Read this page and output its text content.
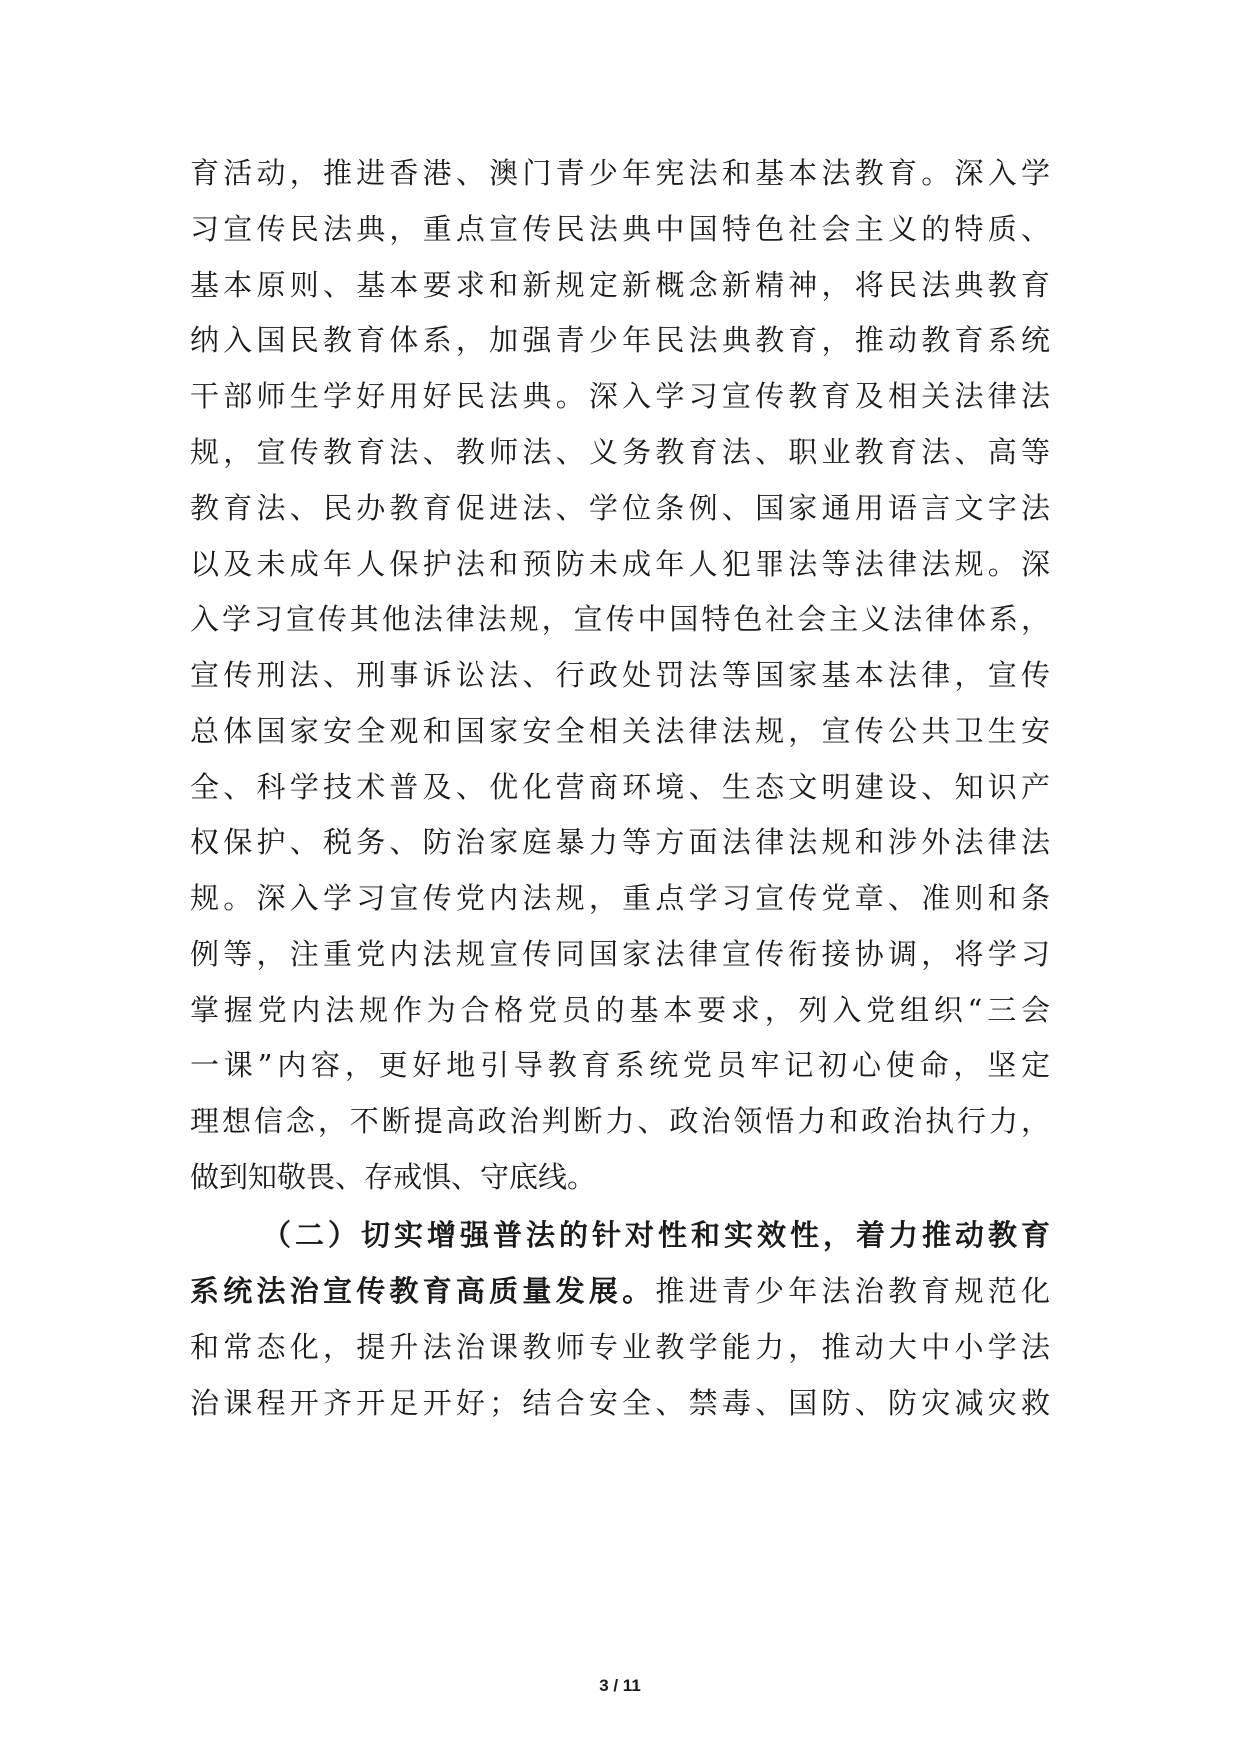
育活动，推进香港、澳门青少年宪法和基本法教育。深入学
习宣传民法典，重点宣传民法典中国特色社会主义的特质、
基本原则、基本要求和新规定新概念新精神，将民法典教育
纳入国民教育体系，加强青少年民法典教育，推动教育系统
干部师生学好用好民法典。深入学习宣传教育及相关法律法
规，宣传教育法、教师法、义务教育法、职业教育法、高等
教育法、民办教育促进法、学位条例、国家通用语言文字法
以及未成年人保护法和预防未成年人犯罪法等法律法规。深
入学习宣传其他法律法规，宣传中国特色社会主义法律体系，
宣传刑法、刑事诉讼法、行政处罚法等国家基本法律，宣传
总体国家安全观和国家安全相关法律法规，宣传公共卫生安
全、科学技术普及、优化营商环境、生态文明建设、知识产
权保护、税务、防治家庭暴力等方面法律法规和涉外法律法
规。深入学习宣传党内法规，重点学习宣传党章、准则和条
例等，注重党内法规宣传同国家法律宣传衔接协调，将学习
掌握党内法规作为合格党员的基本要求，列入党组织“三会
一课”内容，更好地引导教育系统党员牢记初心使命，坚定
理想信念，不断提高政治判断力、政治领悟力和政治执行力，
做到知敬畏、存戒惧、守底线。
（二）切实增强普法的针对性和实效性，着力推动教育
系统法治宣传教育高质量发展。推进青少年法治教育规范化
和常态化，提升法治课教师专业教学能力，推动大中小学法
治课程开齐开足开好；结合安全、禁毒、国防、防灾减灾救
3 / 11
